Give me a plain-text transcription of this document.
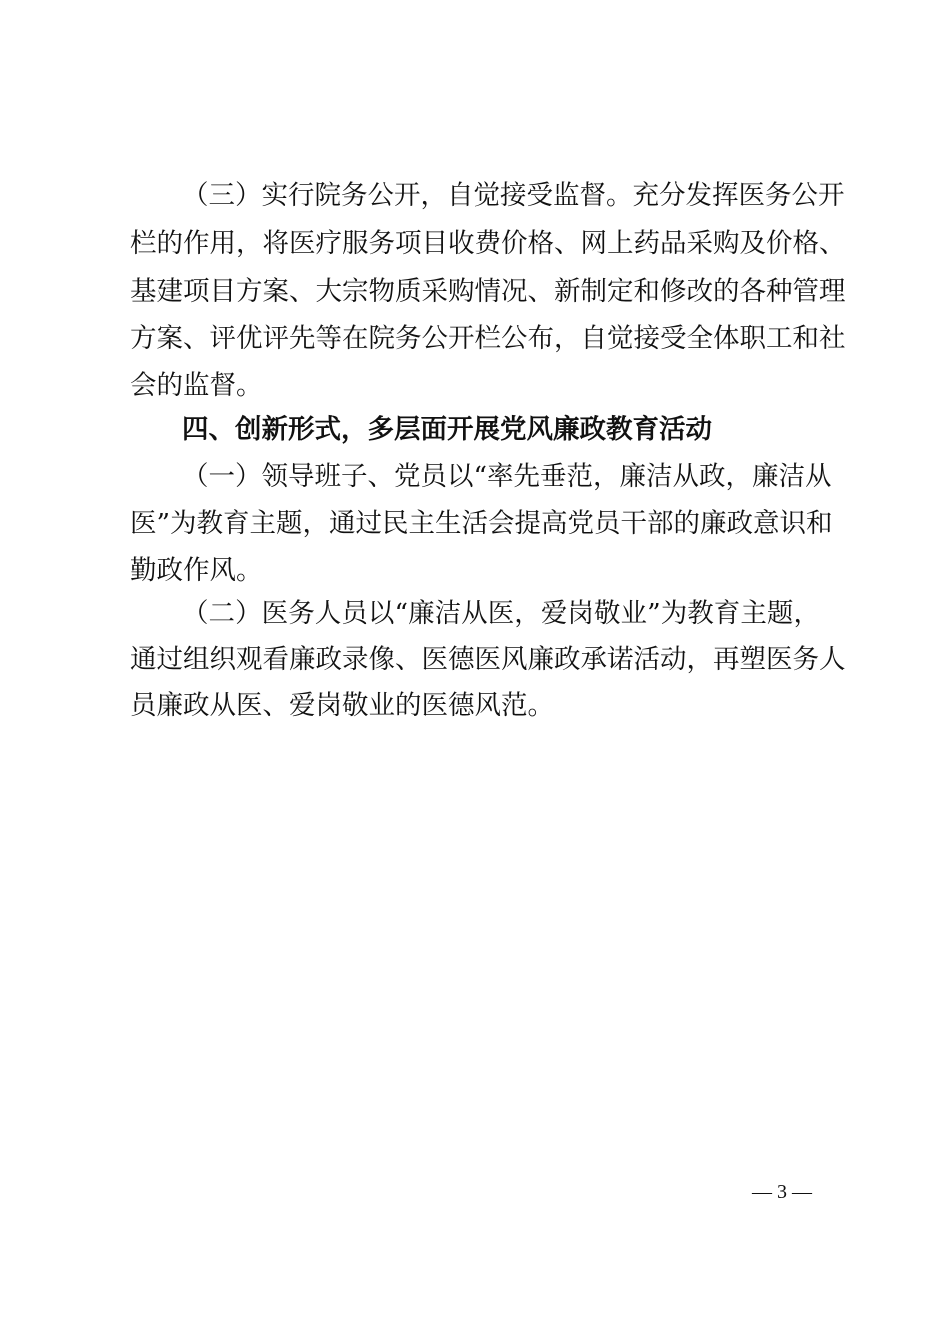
（三）实行院务公开，自觉接受监督。充分发挥医务公开
栏的作用，将医疗服务项目收费价格、网上药品采购及价格、
基建项目方案、大宗物质采购情况、新制定和修改的各种管理
方案、评优评先等在院务公开栏公布，自觉接受全体职工和社
会的监督。
四、创新形式，多层面开展党风廉政教育活动
（一）领导班子、党员以“率先垂范，廉洁从政，廉洁从
医”为教育主题，通过民主生活会提高党员干部的廉政意识和
勤政作风。
（二）医务人员以“廉洁从医，爱岗敬业”为教育主题，
通过组织观看廉政录像、医德医风廉政承诺活动，再塑医务人
员廉政从医、爱岗敬业的医德风范。
— 3 —
